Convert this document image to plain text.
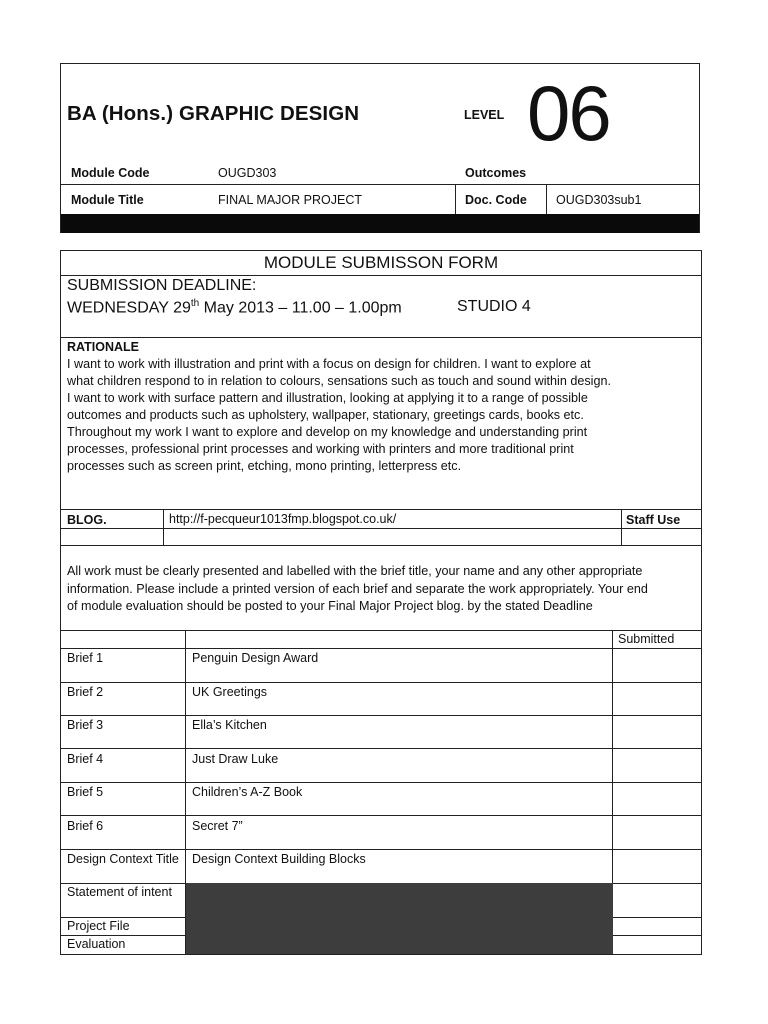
BA (Hons.) GRAPHIC DESIGN	LEVEL 06
Module Code	OUGD303	Outcomes
Module Title	FINAL MAJOR PROJECT	Doc. Code OUGD303sub1
MODULE SUBMISSON FORM
SUBMISSION DEADLINE:
WEDNESDAY 29th May 2013 – 11.00 – 1.00pm	STUDIO 4
RATIONALE
I want to work with illustration and print with a focus on design for children. I want to explore at
what children respond to in relation to colours, sensations such as touch and sound within design.
I want to work with surface pattern and illustration, looking at applying it to a range of possible
outcomes and products such as upholstery, wallpaper, stationary, greetings cards, books etc.
Throughout my work I want to explore and develop on my knowledge and understanding print
processes, professional print processes and working with printers and more traditional print
processes such as screen print, etching, mono printing, letterpress etc.
BLOG.	http://f-pecqueur1013fmp.blogspot.co.uk/	Staff Use
All work must be clearly presented and labelled with the brief title, your name and any other appropriate
information. Please include a printed version of each brief and separate the work appropriately. Your end
of module evaluation should be posted to your Final Major Project blog. by the stated Deadline
Submitted
Brief 1	Penguin Design Award
Brief 2	UK Greetings
Brief 3	Ella’s Kitchen
Brief 4	Just Draw Luke
Brief 5	Children’s A-Z Book
Brief 6	Secret 7”
Design Context Title	Design Context Building Blocks
Statement of intent
Project File
Evaluation
